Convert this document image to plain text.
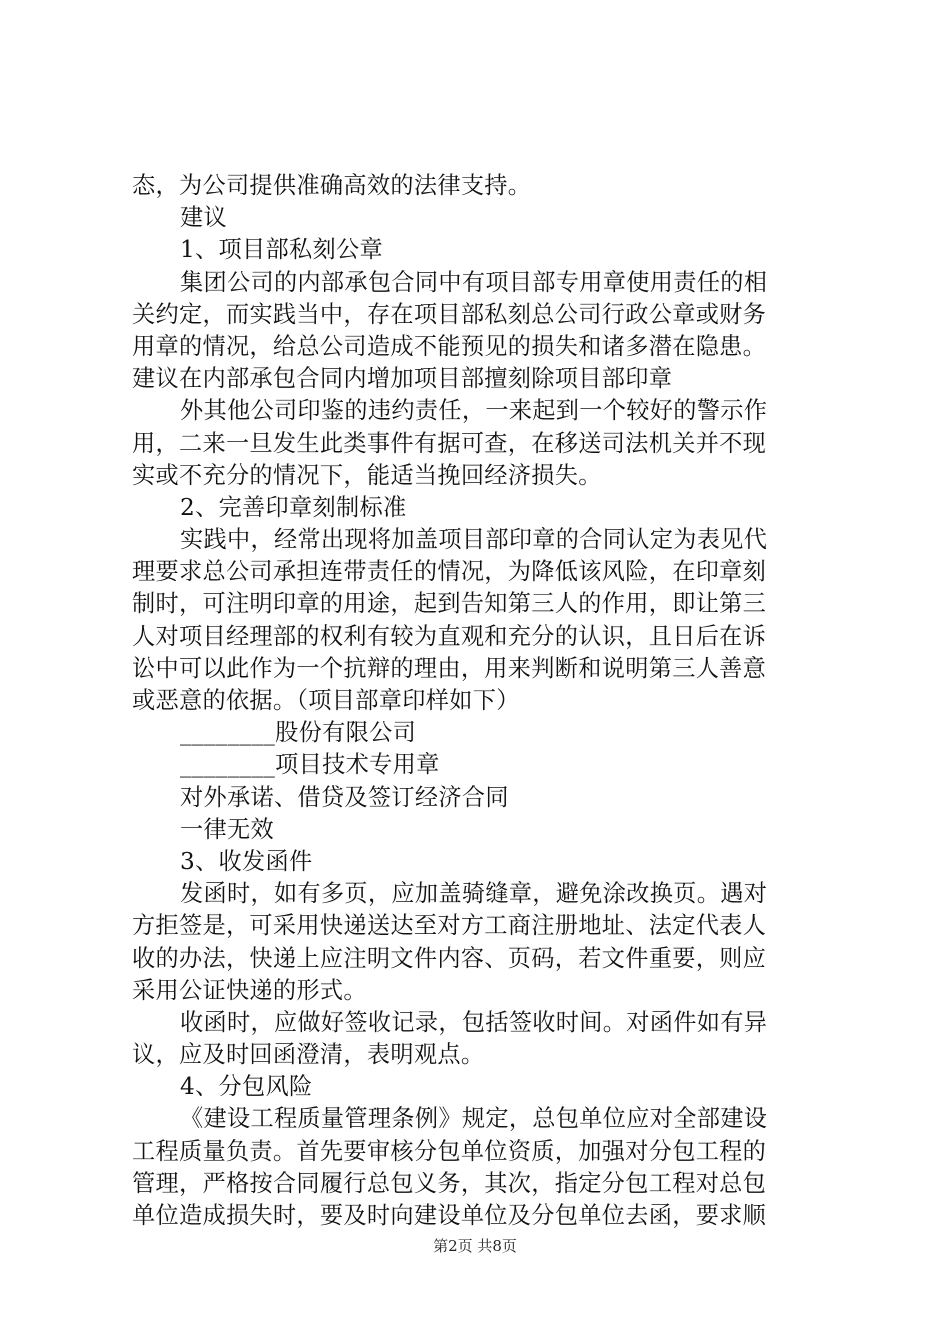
态，为公司提供准确高效的法律支持。
建议
1、项目部私刻公章
集团公司的内部承包合同中有项目部专用章使用责任的相
关约定，而实践当中，存在项目部私刻总公司行政公章或财务
用章的情况，给总公司造成不能预见的损失和诸多潜在隐患。
建议在内部承包合同内增加项目部擅刻除项目部印章
外其他公司印鉴的违约责任，一来起到一个较好的警示作
用，二来一旦发生此类事件有据可查，在移送司法机关并不现
实或不充分的情况下，能适当挽回经济损失。
2、完善印章刻制标准
实践中，经常出现将加盖项目部印章的合同认定为表见代
理要求总公司承担连带责任的情况，为降低该风险，在印章刻
制时，可注明印章的用途，起到告知第三人的作用，即让第三
人对项目经理部的权利有较为直观和充分的认识，且日后在诉
讼中可以此作为一个抗辩的理由，用来判断和说明第三人善意
或恶意的依据。（项目部章印样如下）
________股份有限公司
________项目技术专用章
对外承诺、借贷及签订经济合同
一律无效
3、收发函件
发函时，如有多页，应加盖骑缝章，避免涂改换页。遇对
方拒签是，可采用快递送达至对方工商注册地址、法定代表人
收的办法，快递上应注明文件内容、页码，若文件重要，则应
采用公证快递的形式。
收函时，应做好签收记录，包括签收时间。对函件如有异
议，应及时回函澄清，表明观点。
4、分包风险
《建设工程质量管理条例》规定，总包单位应对全部建设
工程质量负责。首先要审核分包单位资质，加强对分包工程的
管理，严格按合同履行总包义务，其次，指定分包工程对总包
单位造成损失时，要及时向建设单位及分包单位去函，要求顺
第2页 共8页
